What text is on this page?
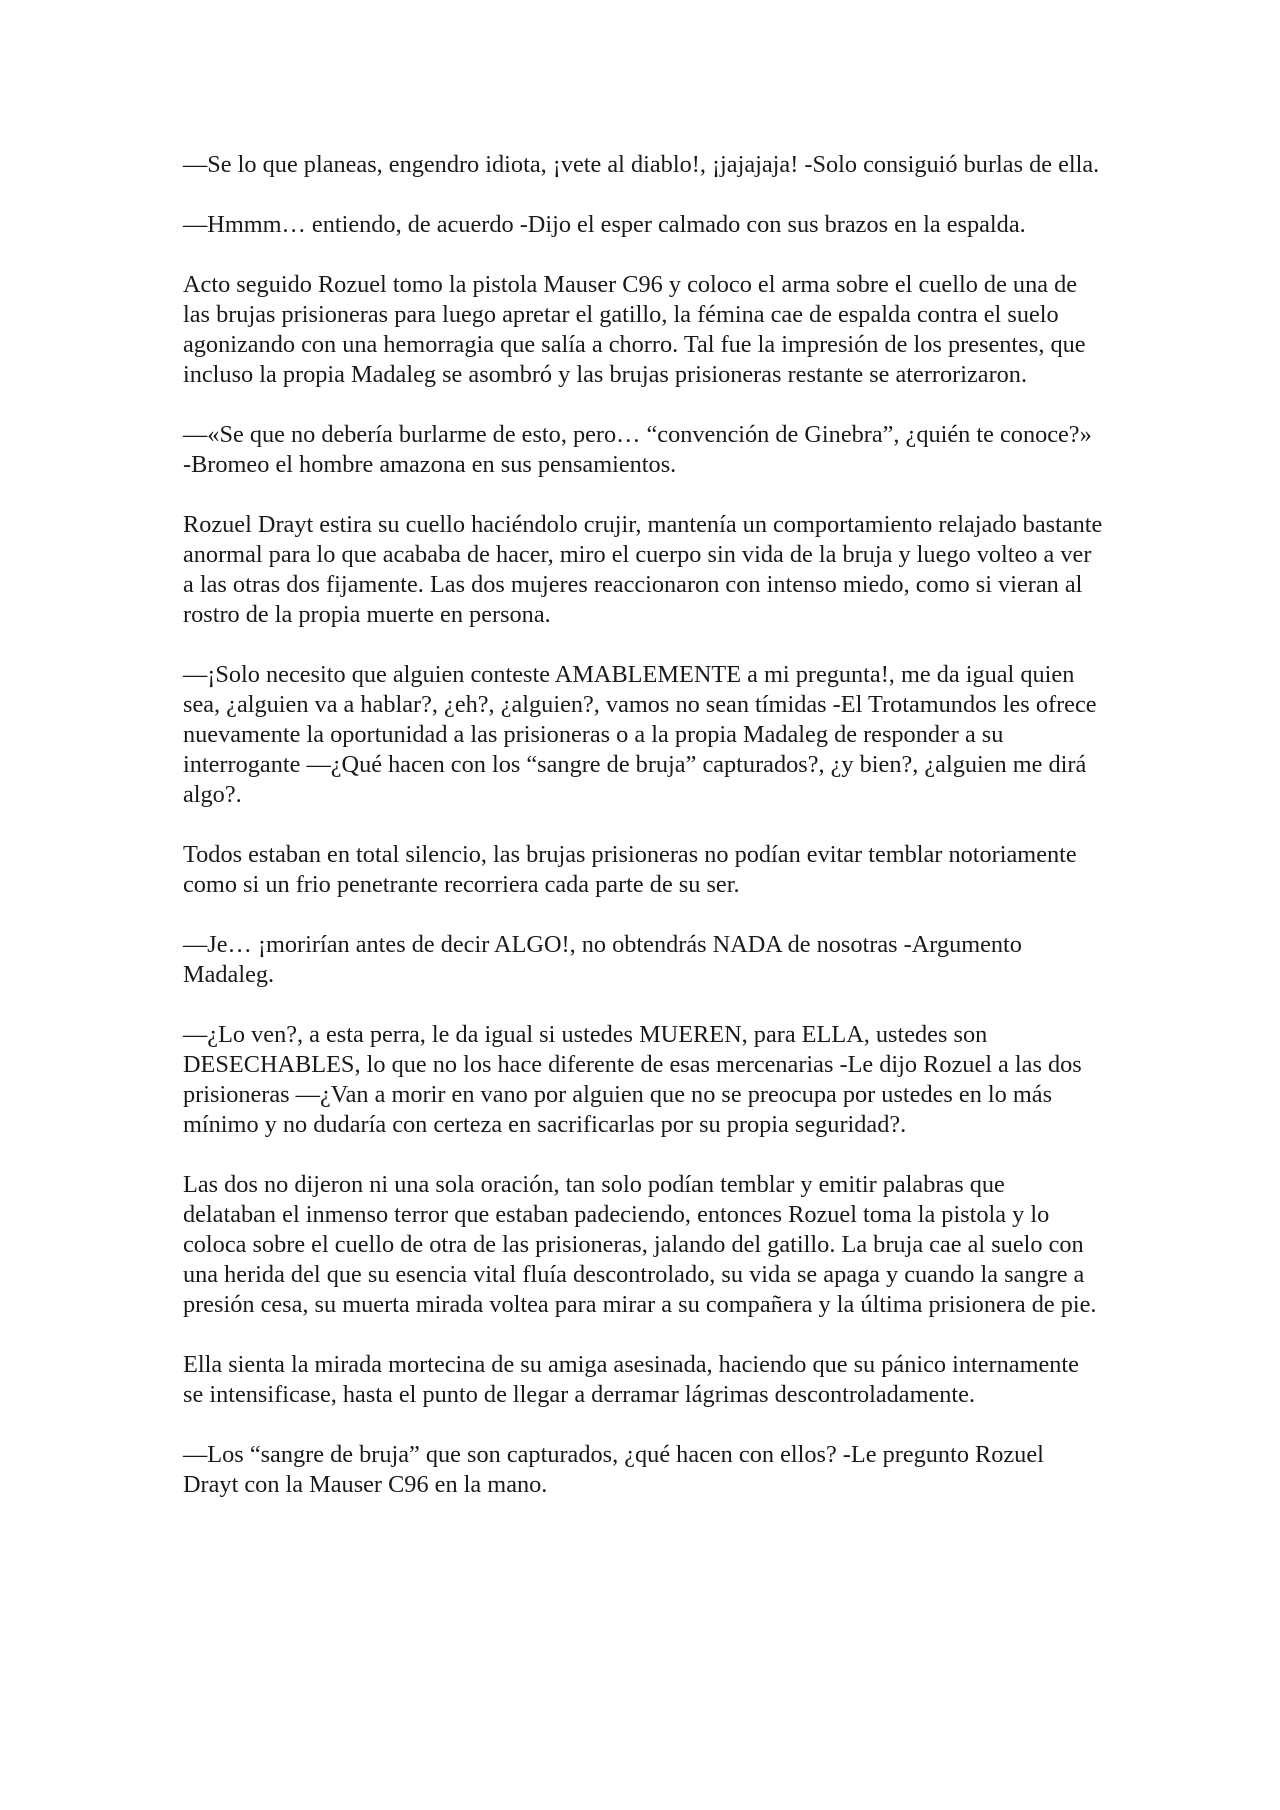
—Se lo que planeas, engendro idiota, ¡vete al diablo!, ¡jajajaja! -Solo consiguió burlas de ella.

—Hmmm… entiendo, de acuerdo -Dijo el esper calmado con sus brazos en la espalda.

Acto seguido Rozuel tomo la pistola Mauser C96 y coloco el arma sobre el cuello de una de las brujas prisioneras para luego apretar el gatillo, la fémina cae de espalda contra el suelo agonizando con una hemorragia que salía a chorro. Tal fue la impresión de los presentes, que incluso la propia Madaleg se asombró y las brujas prisioneras restante se aterrorizaron.

—«Se que no debería burlarme de esto, pero… “convención de Ginebra”, ¿quién te conoce?» -Bromeo el hombre amazona en sus pensamientos.

Rozuel Drayt estira su cuello haciéndolo crujir, mantenía un comportamiento relajado bastante anormal para lo que acababa de hacer, miro el cuerpo sin vida de la bruja y luego volteo a ver a las otras dos fijamente. Las dos mujeres reaccionaron con intenso miedo, como si vieran al rostro de la propia muerte en persona.

—¡Solo necesito que alguien conteste AMABLEMENTE a mi pregunta!, me da igual quien sea, ¿alguien va a hablar?, ¿eh?, ¿alguien?, vamos no sean tímidas -El Trotamundos les ofrece nuevamente la oportunidad a las prisioneras o a la propia Madaleg de responder a su interrogante —¿Qué hacen con los “sangre de bruja” capturados?, ¿y bien?, ¿alguien me dirá algo?.

Todos estaban en total silencio, las brujas prisioneras no podían evitar temblar notoriamente como si un frio penetrante recorriera cada parte de su ser.

—Je… ¡morirían antes de decir ALGO!, no obtendrás NADA de nosotras -Argumento Madaleg.

—¿Lo ven?, a esta perra, le da igual si ustedes MUEREN, para ELLA, ustedes son DESECHABLES, lo que no los hace diferente de esas mercenarias -Le dijo Rozuel a las dos prisioneras —¿Van a morir en vano por alguien que no se preocupa por ustedes en lo más mínimo y no dudaría con certeza en sacrificarlas por su propia seguridad?.

Las dos no dijeron ni una sola oración, tan solo podían temblar y emitir palabras que delataban el inmenso terror que estaban padeciendo, entonces Rozuel toma la pistola y lo coloca sobre el cuello de otra de las prisioneras, jalando del gatillo. La bruja cae al suelo con una herida del que su esencia vital fluía descontrolado, su vida se apaga y cuando la sangre a presión cesa, su muerta mirada voltea para mirar a su compañera y la última prisionera de pie.

Ella sienta la mirada mortecina de su amiga asesinada, haciendo que su pánico internamente se intensificase, hasta el punto de llegar a derramar lágrimas descontroladamente.

—Los “sangre de bruja” que son capturados, ¿qué hacen con ellos? -Le pregunto Rozuel Drayt con la Mauser C96 en la mano.
